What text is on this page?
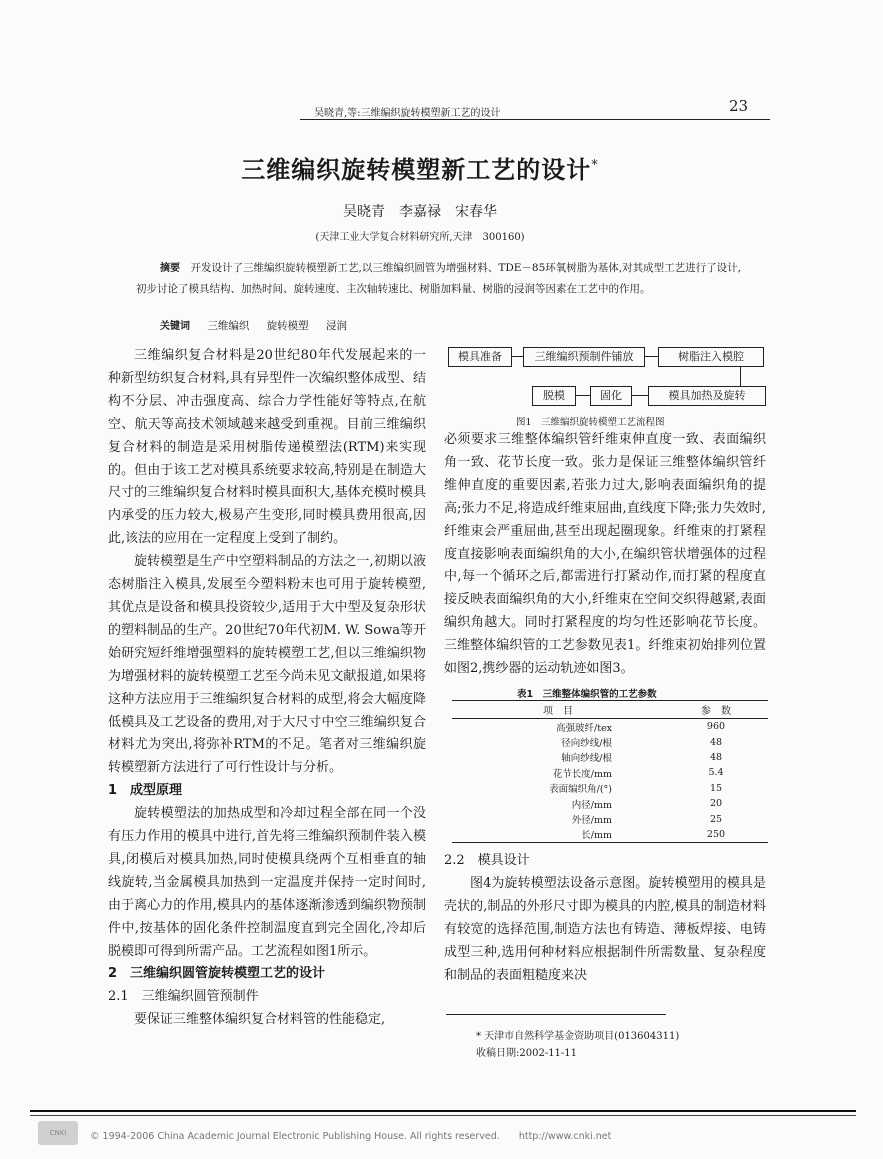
吴晓青,等:三维编织旋转模塑新工艺的设计	23
三维编织旋转模塑新工艺的设计*
吴晓青　李嘉禄　宋春华
(天津工业大学复合材料研究所,天津　300160)
摘要　 开发设计了三维编织旋转模塑新工艺,以三维编织圆管为增强材料、TDE－85环氧树脂为基体,对其成型工艺进行了设计,初步讨论了模具结构、加热时间、旋转速度、主次轴转速比、树脂加料量、树脂的浸润等因素在工艺中的作用。
关键词 三维编织 旋转模塑 浸润

三维编织复合材料是20世纪80年代发展起来的一种新型纺织复合材料,具有异型件一次编织整体成型、结构不分层、冲击强度高、综合力学性能好等特点,在航空、航天等高技术领域越来越受到重视。目前三维编织复合材料的制造是采用树脂传递模塑法(RTM)来实现的。但由于该工艺对模具系统要求较高,特别是在制造大尺寸的三维编织复合材料时模具面积大,基体充模时模具内承受的压力较大,极易产生变形,同时模具费用很高,因此,该法的应用在一定程度上受到了制约。

旋转模塑是生产中空塑料制品的方法之一,初期以液态树脂注入模具,发展至今塑料粉末也可用于旋转模塑,其优点是设备和模具投资较少,适用于大中型及复杂形状的塑料制品的生产。20世纪70年代初M. W. Sowa等开始研究短纤维增强塑料的旋转模塑工艺,但以三维编织物为增强材料的旋转模塑工艺至今尚未见文献报道,如果将这种方法应用于三维编织复合材料的成型,将会大幅度降低模具及工艺设备的费用,对于大尺寸中空三维编织复合材料尤为突出,将弥补RTM的不足。笔者对三维编织旋转模塑新方法进行了可行性设计与分析。

1　成型原理

旋转模塑法的加热成型和冷却过程全部在同一个没有压力作用的模具中进行,首先将三维编织预制件装入模具,闭模后对模具加热,同时使模具绕两个互相垂直的轴线旋转,当金属模具加热到一定温度并保持一定时间时,由于离心力的作用,模具内的基体逐渐渗透到编织物预制件中,按基体的固化条件控制温度直到完全固化,冷却后脱模即可得到所需产品。工艺流程如图1所示。

2　三维编织圆管旋转模塑工艺的设计

2.1　三维编织圆管预制件

要保证三维整体编织复合材料管的性能稳定,

模具准备	三维编织预制件铺放	树脂注入模腔
模具加热及旋转
固化
脱模
图1　三维编织旋转模塑工艺流程图

必须要求三维整体编织管纤维束伸直度一致、表面编织角一致、花节长度一致。张力是保证三维整体编织管纤维伸直度的重要因素,若张力过大,影响表面编织角的提高;张力不足,将造成纤维束屈曲,直线度下降;张力失效时,纤维束会严重屈曲,甚至出现起圈现象。纤维束的打紧程度直接影响表面编织角的大小,在编织管状增强体的过程中,每一个循环之后,都需进行打紧动作,而打紧的程度直接反映表面编织角的大小,纤维束在空间交织得越紧,表面编织角越大。同时打紧程度的均匀性还影响花节长度。三维整体编织管的工艺参数见表1。纤维束初始排列位置如图2,携纱器的运动轨迹如图3。

表1　三维整体编织管的工艺参数
项　目	参　数
高强玻纤/tex	960
径向纱线/根	48
轴向纱线/根	48
花节长度/mm	5.4
表面编织角/(°)	15
内径/mm	20
外径/mm	25
长/mm	250

2.2　模具设计

图4为旋转模塑法设备示意图。旋转模塑用的模具是壳状的,制品的外形尺寸即为模具的内腔,模具的制造材料有较宽的选择范围,制造方法也有铸造、薄板焊接、电铸成型三种,选用何种材料应根据制件所需数量、复杂程度和制品的表面粗糙度来决

* 天津市自然科学基金资助项目(013604311)
收稿日期:2002-11-11
CNKI	© 1994-2006 China Academic Journal Electronic Publishing House. All rights reserved.　　http://www.cnki.net
